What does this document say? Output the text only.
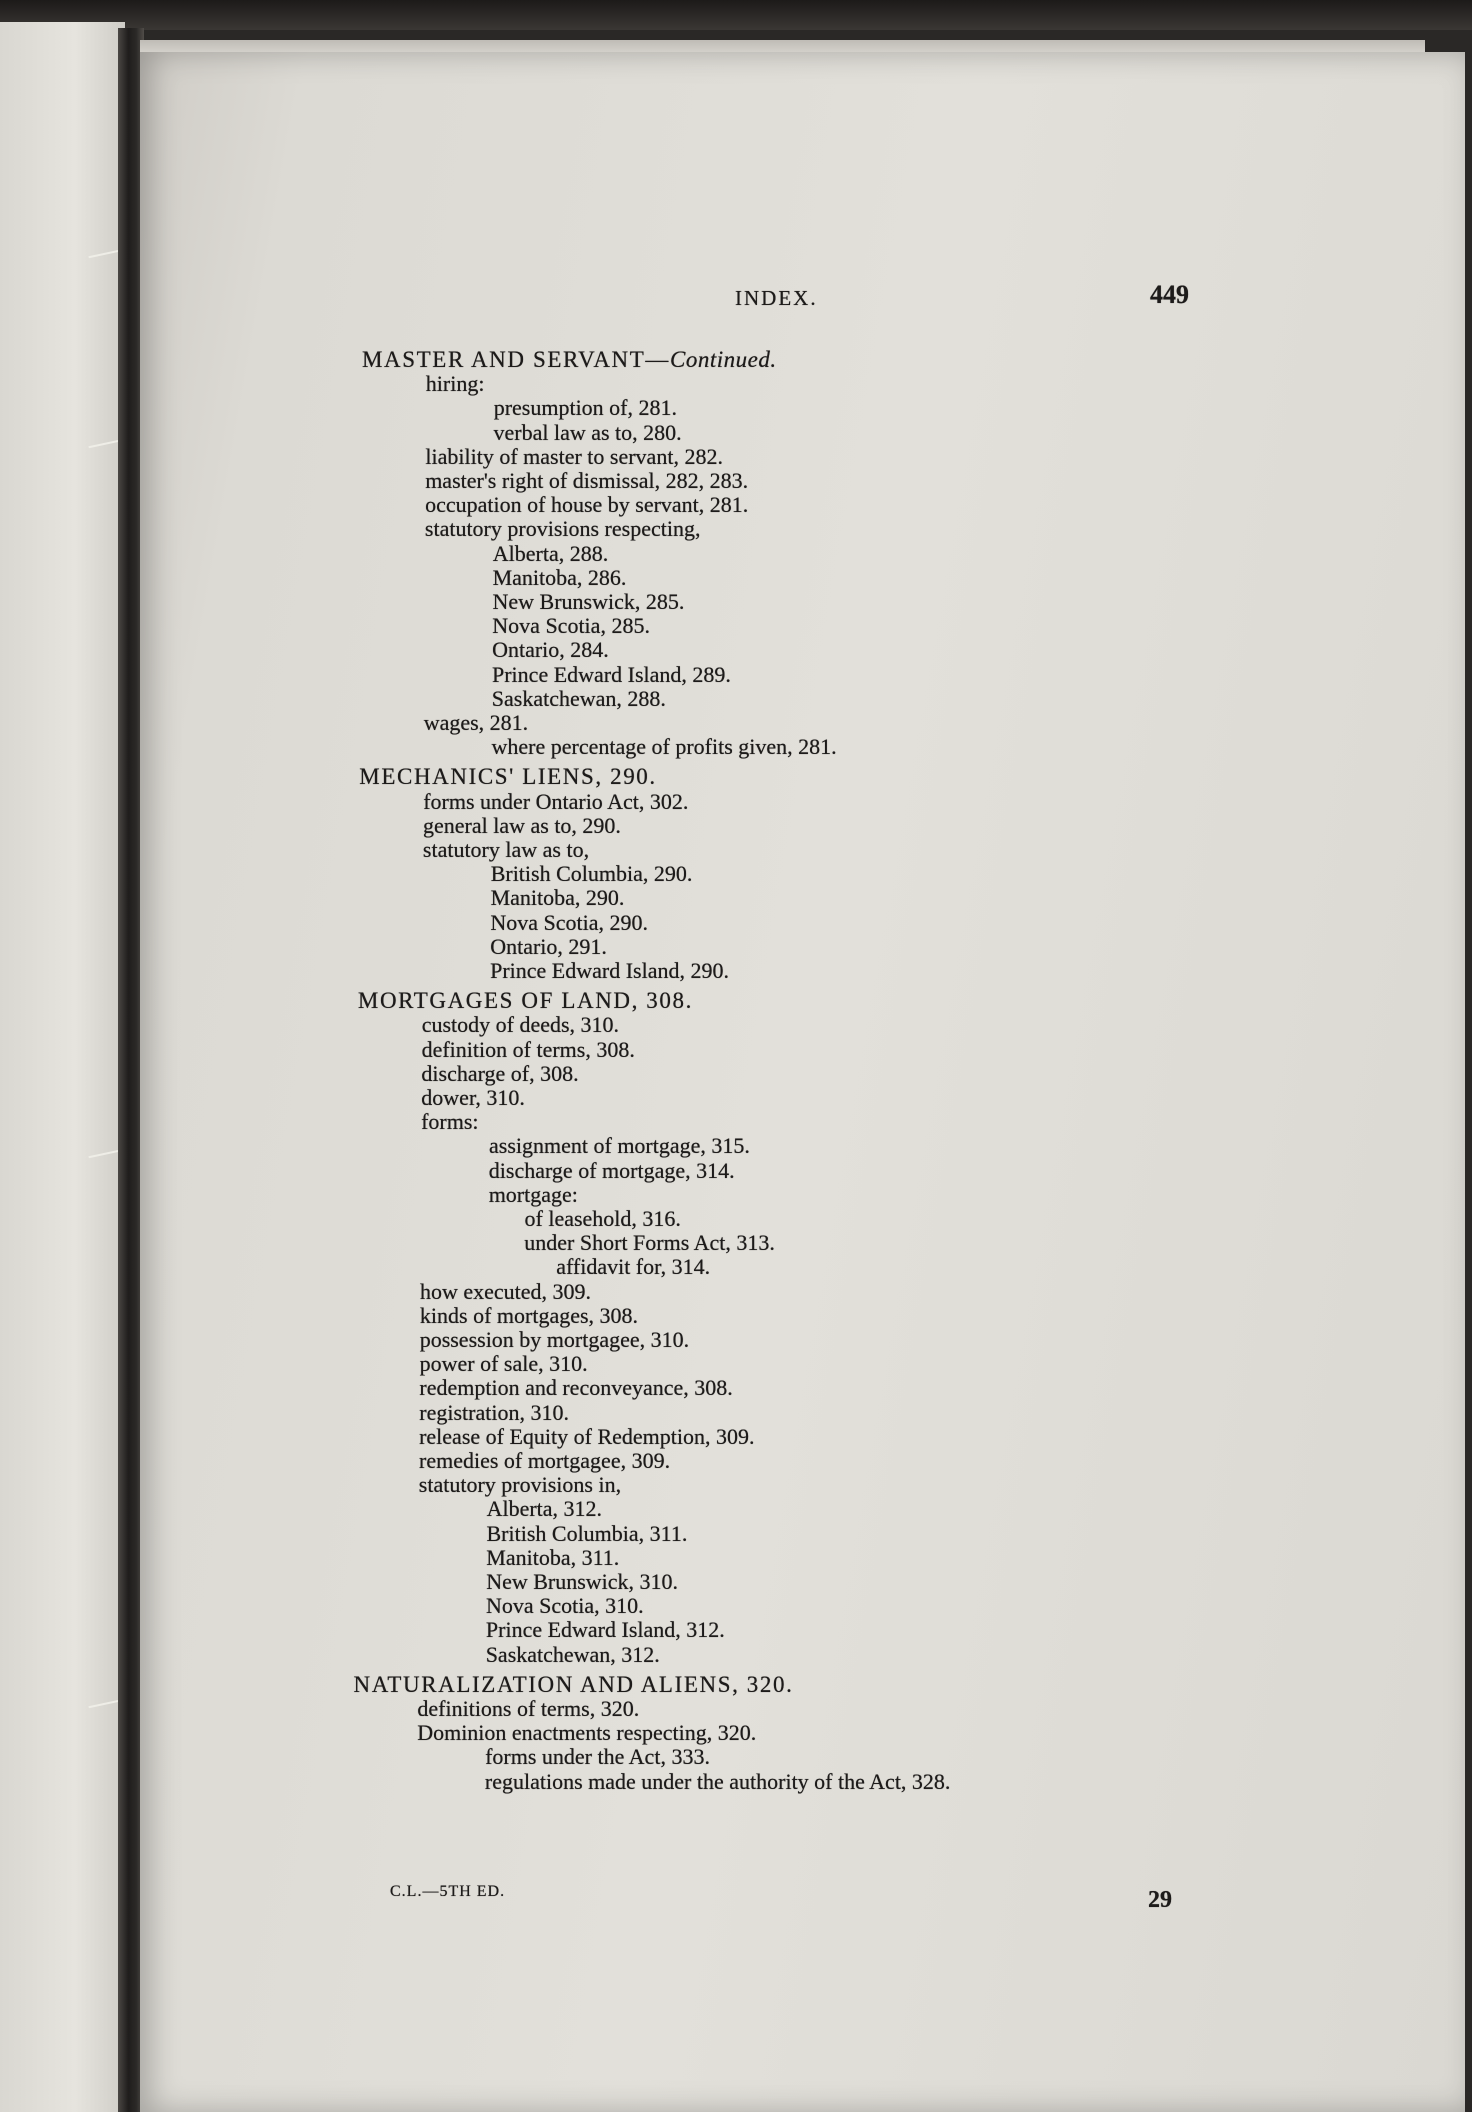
INDEX.	449
MASTER AND SERVANT—Continued.
hiring:
presumption of, 281.
verbal law as to, 280.
liability of master to servant, 282.
master's right of dismissal, 282, 283.
occupation of house by servant, 281.
statutory provisions respecting,
Alberta, 288.
Manitoba, 286.
New Brunswick, 285.
Nova Scotia, 285.
Ontario, 284.
Prince Edward Island, 289.
Saskatchewan, 288.
wages, 281.
where percentage of profits given, 281.
MECHANICS' LIENS, 290.
forms under Ontario Act, 302.
general law as to, 290.
statutory law as to,
British Columbia, 290.
Manitoba, 290.
Nova Scotia, 290.
Ontario, 291.
Prince Edward Island, 290.
MORTGAGES OF LAND, 308.
custody of deeds, 310.
definition of terms, 308.
discharge of, 308.
dower, 310.
forms:
assignment of mortgage, 315.
discharge of mortgage, 314.
mortgage:
of leasehold, 316.
under Short Forms Act, 313.
affidavit for, 314.
how executed, 309.
kinds of mortgages, 308.
possession by mortgagee, 310.
power of sale, 310.
redemption and reconveyance, 308.
registration, 310.
release of Equity of Redemption, 309.
remedies of mortgagee, 309.
statutory provisions in,
Alberta, 312.
British Columbia, 311.
Manitoba, 311.
New Brunswick, 310.
Nova Scotia, 310.
Prince Edward Island, 312.
Saskatchewan, 312.
NATURALIZATION AND ALIENS, 320.
definitions of terms, 320.
Dominion enactments respecting, 320.
forms under the Act, 333.
regulations made under the authority of the Act, 328.
C.L.—5TH ED.	29
